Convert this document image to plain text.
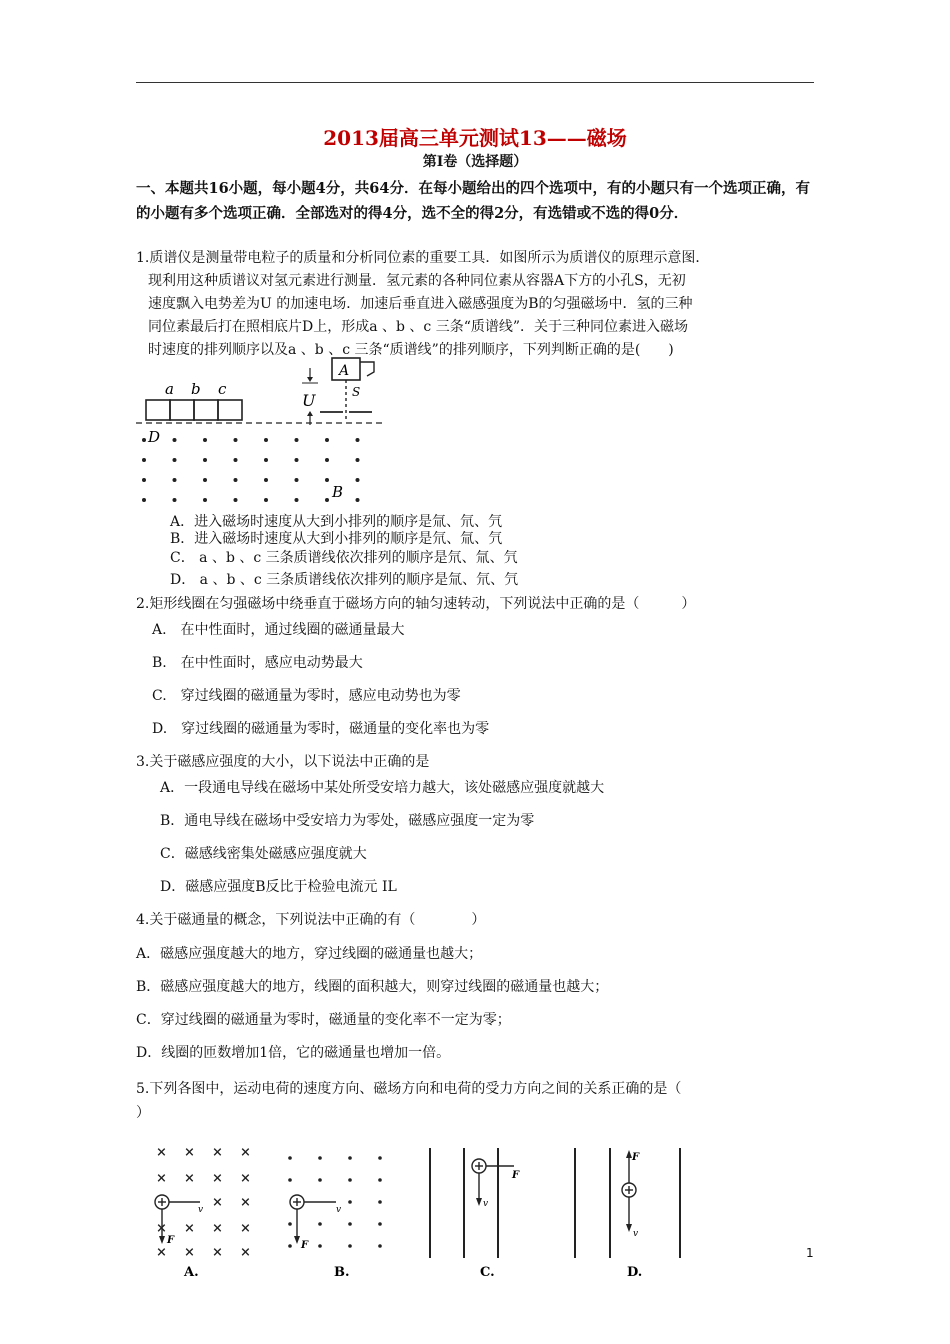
2013届高三单元测试13——磁场
第I卷（选择题）
一、本题共16小题，每小题4分，共64分．在每小题给出的四个选项中，有的小题只有一个选项正确，有的小题有多个选项正确．全部选对的得4分，选不全的得2分，有选错或不选的得0分．
1.质谱仪是测量带电粒子的质量和分析同位素的重要工具．如图所示为质谱仪的原理示意图．
现利用这种质谱议对氢元素进行测量．氢元素的各种同位素从容器A下方的小孔S，无初
速度飘入电势差为U 的加速电场．加速后垂直进入磁感强度为B的匀强磁场中．氢的三种
同位素最后打在照相底片D上，形成a 、b 、c 三条“质谱线”．关于三种同位素进入磁场
时速度的排列顺序以及a 、b 、c 三条“质谱线”的排列顺序，下列判断正确的是(　　)
a b c
A
S
U
D
B
A．进入磁场时速度从大到小排列的顺序是氚、氘、氕
B．进入磁场时速度从大到小排列的顺序是氘、氚、氕
C． a 、b 、c 三条质谱线依次排列的顺序是氘、氚、氕
D． a 、b 、c 三条质谱线依次排列的顺序是氚、氘、氕
2.矩形线圈在匀强磁场中绕垂直于磁场方向的轴匀速转动，下列说法中正确的是（　　　）
A.　在中性面时，通过线圈的磁通量最大
B.　在中性面时，感应电动势最大
C.　穿过线圈的磁通量为零时，感应电动势也为零
D.　穿过线圈的磁通量为零时，磁通量的变化率也为零
3.关于磁感应强度的大小，以下说法中正确的是
A．一段通电导线在磁场中某处所受安培力越大，该处磁感应强度就越大
B．通电导线在磁场中受安培力为零处，磁感应强度一定为零
C．磁感线密集处磁感应强度就大
D．磁感应强度B反比于检验电流元 IL
4.关于磁通量的概念，下列说法中正确的有（　　　　）
A．磁感应强度越大的地方，穿过线圈的磁通量也越大；
B．磁感应强度越大的地方，线圈的面积越大，则穿过线圈的磁通量也越大；
C．穿过线圈的磁通量为零时，磁通量的变化率不一定为零；
D．线圈的匝数增加1倍，它的磁通量也增加一倍。
5.下列各图中，运动电荷的速度方向、磁场方向和电荷的受力方向之间的关系正确的是（
）
× × × ×
× × × ×
× ×
× × × ×
× × × ×
v
F
v
F
F
v
F
v
A.	B.	C.	D.
1
